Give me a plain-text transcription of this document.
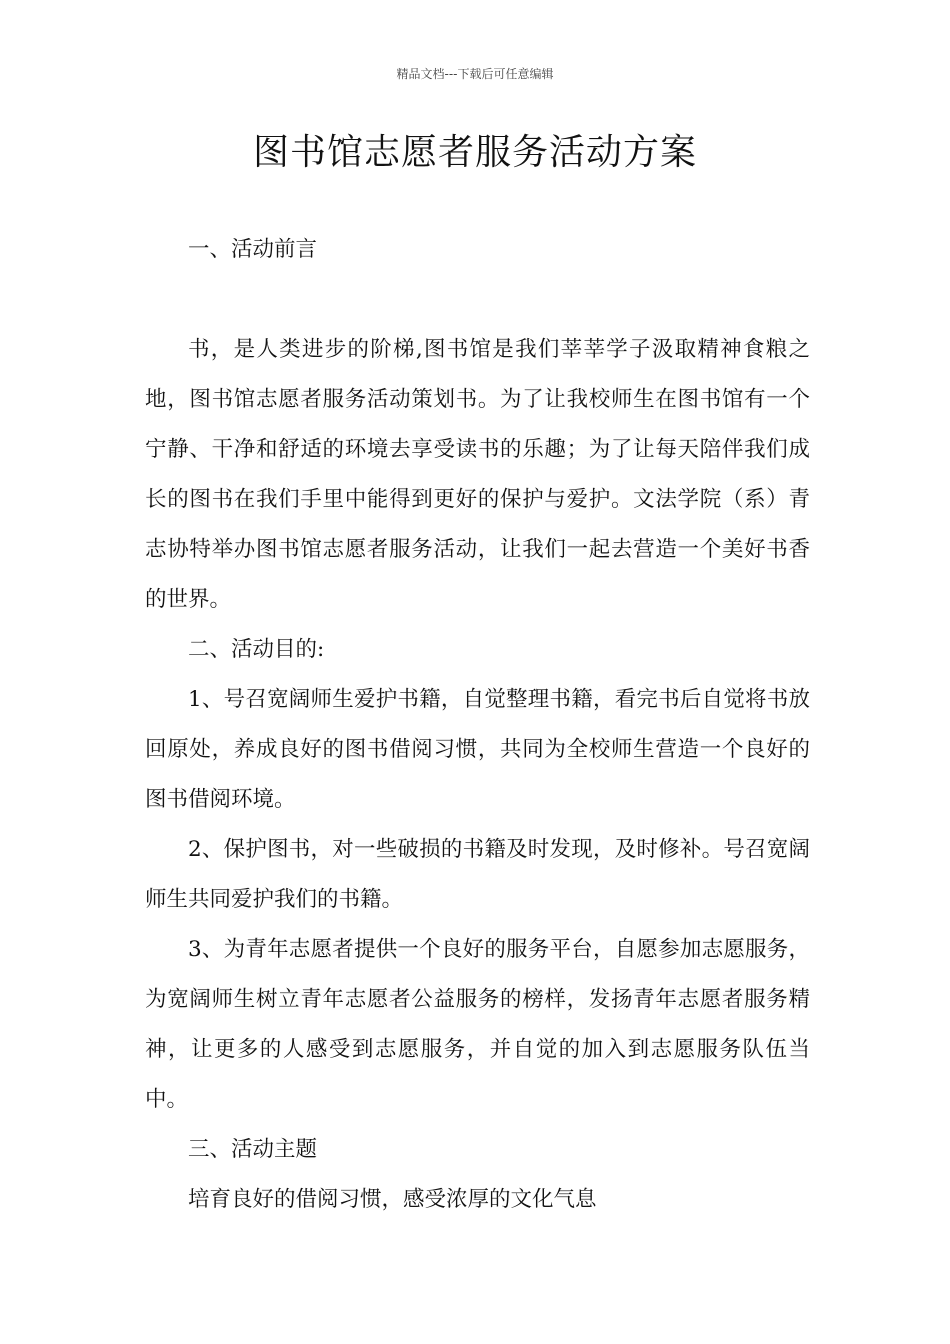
精品文档---下载后可任意编辑
图书馆志愿者服务活动方案

一、活动前言

书，是人类进步的阶梯,图书馆是我们莘莘学子汲取精神食粮之地，图书馆志愿者服务活动策划书。为了让我校师生在图书馆有一个宁静、干净和舒适的环境去享受读书的乐趣；为了让每天陪伴我们成长的图书在我们手里中能得到更好的保护与爱护。文法学院（系）青志协特举办图书馆志愿者服务活动，让我们一起去营造一个美好书香的世界。

二、活动目的:

1、号召宽阔师生爱护书籍，自觉整理书籍，看完书后自觉将书放回原处，养成良好的图书借阅习惯，共同为全校师生营造一个良好的图书借阅环境。

2、保护图书，对一些破损的书籍及时发现，及时修补。号召宽阔师生共同爱护我们的书籍。

3、为青年志愿者提供一个良好的服务平台，自愿参加志愿服务，为宽阔师生树立青年志愿者公益服务的榜样，发扬青年志愿者服务精神，让更多的人感受到志愿服务，并自觉的加入到志愿服务队伍当中。

三、活动主题

培育良好的借阅习惯，感受浓厚的文化气息
